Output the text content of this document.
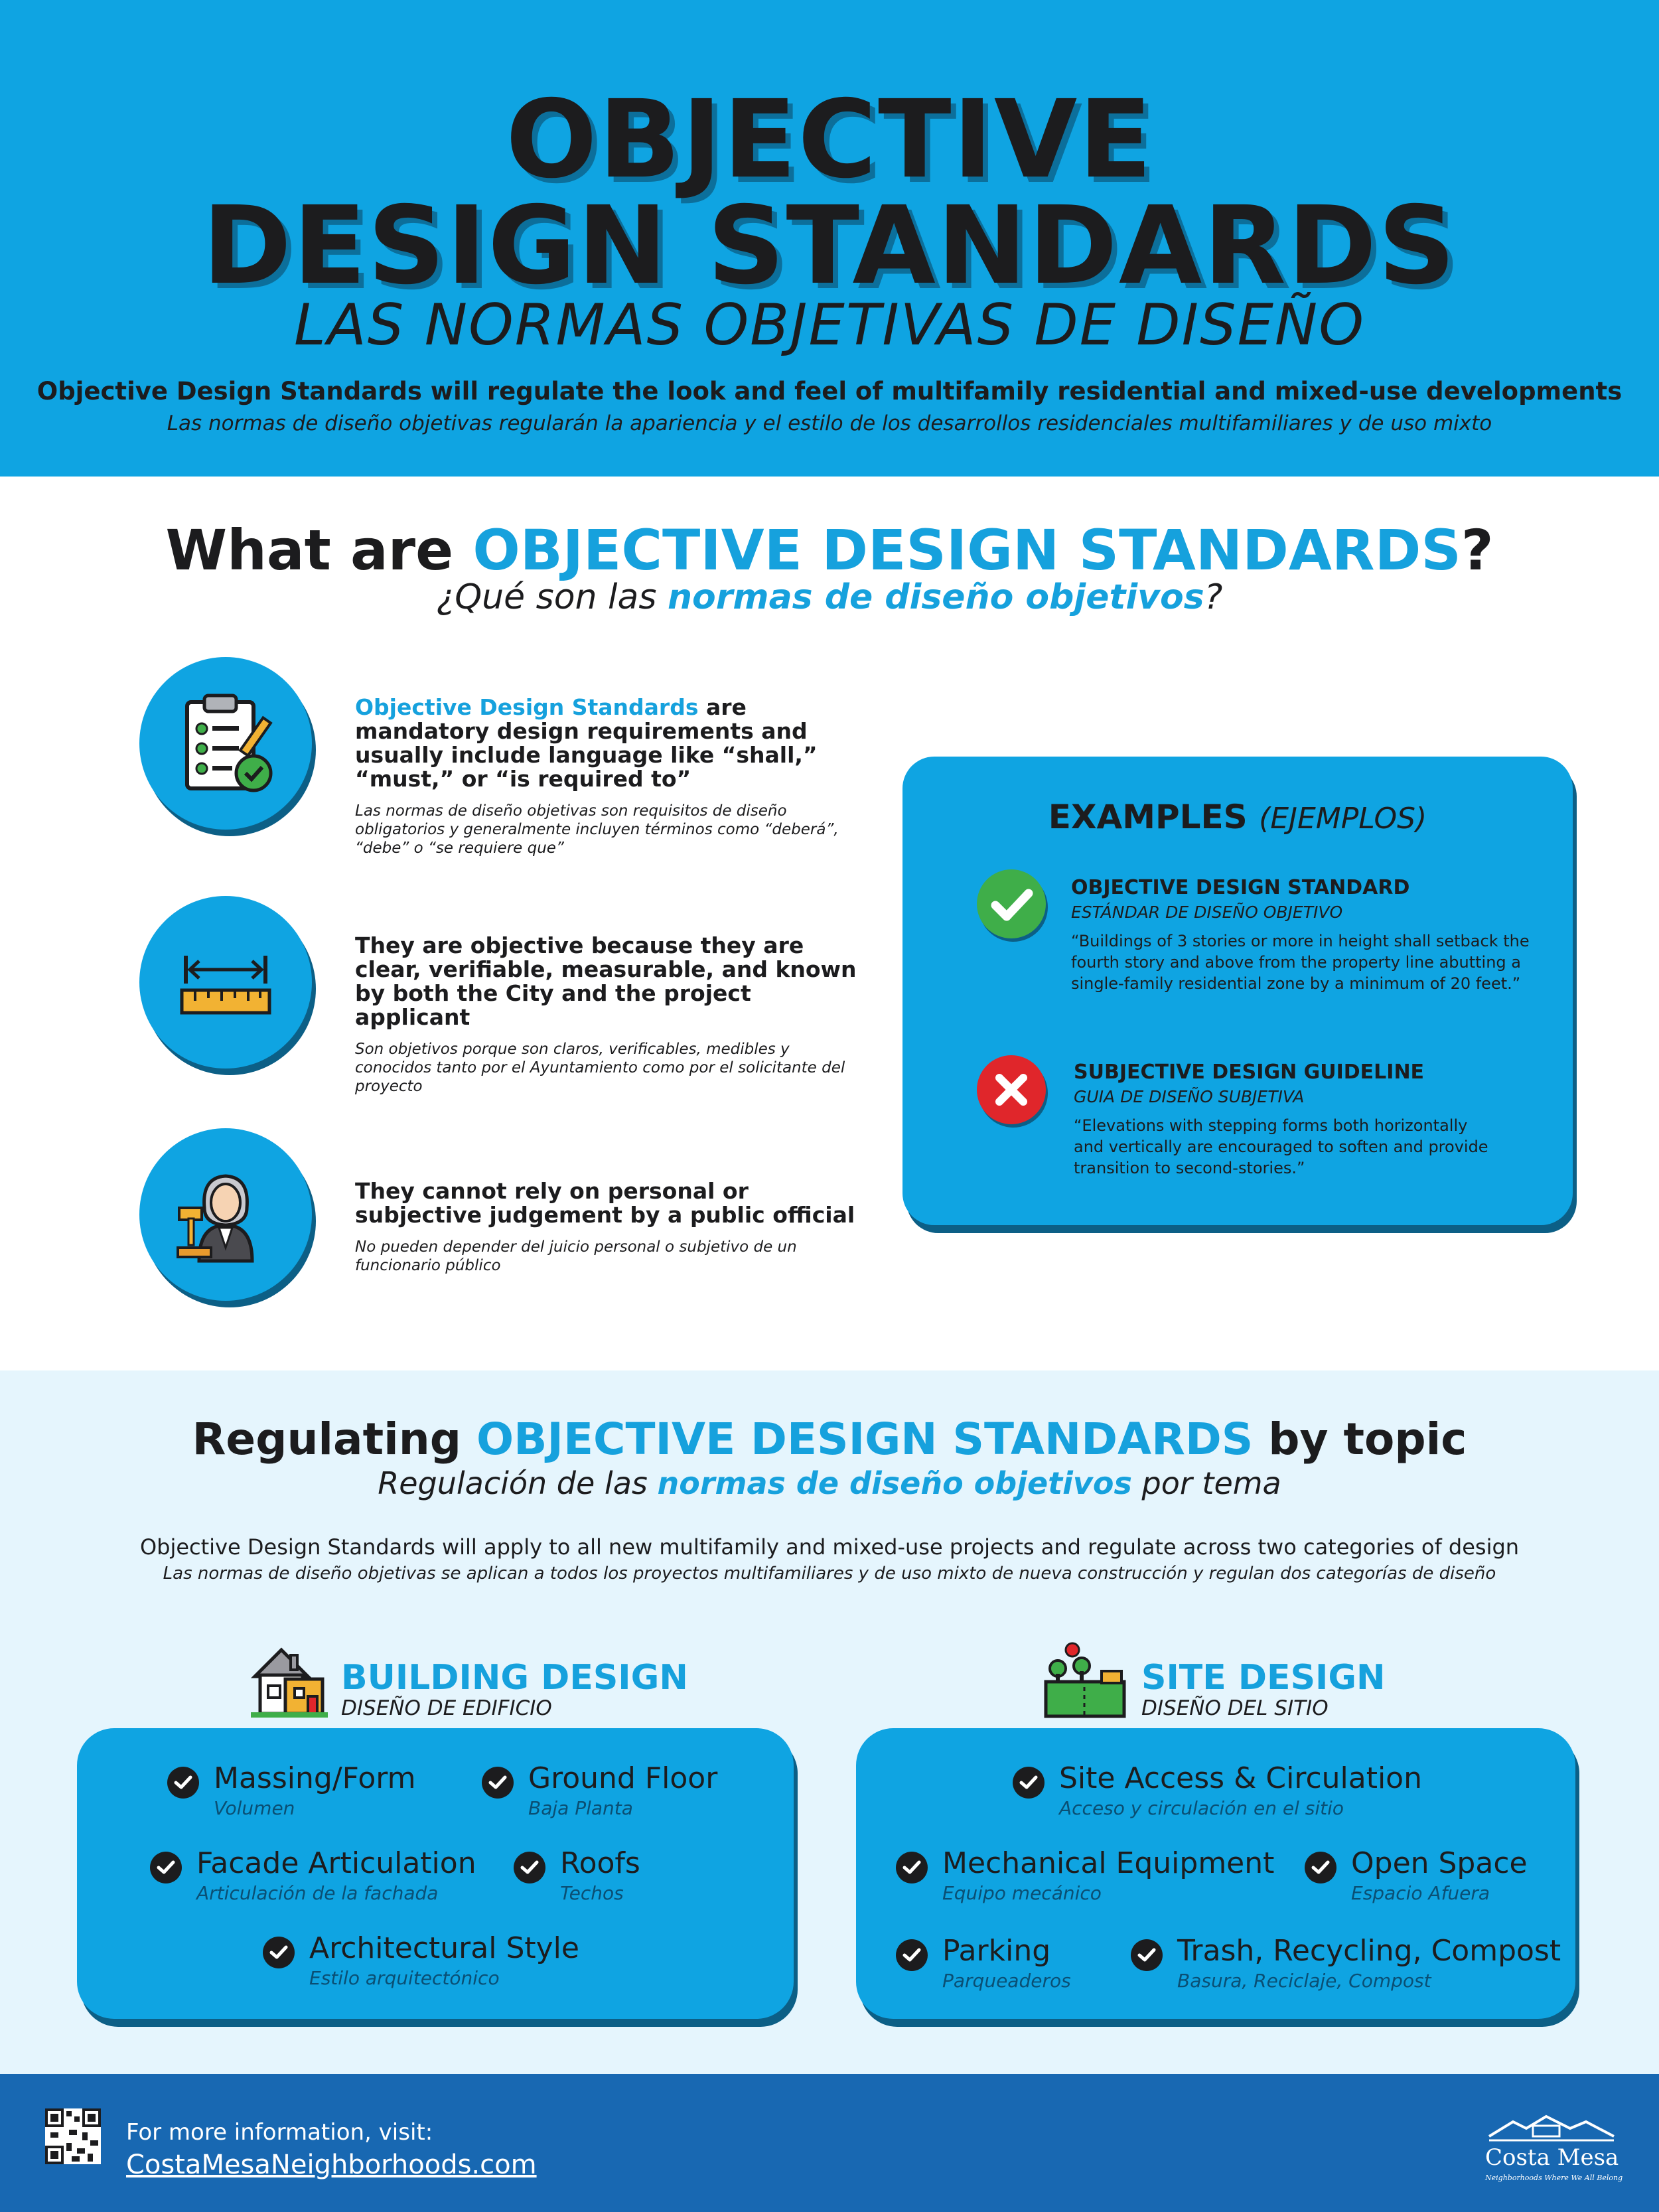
OBJECTIVE
DESIGN STANDARDS
LAS NORMAS OBJETIVAS DE DISEÑO
Objective Design Standards will regulate the look and feel of multifamily residential and mixed-use developments
Las normas de diseño objetivas regularán la apariencia y el estilo de los desarrollos residenciales multifamiliares y de uso mixto
What are OBJECTIVE DESIGN STANDARDS?
¿Qué son las normas de diseño objetivos?
Objective Design Standards are mandatory design requirements and usually include language like “shall,” “must,” or “is required to”
Las normas de diseño objetivas son requisitos de diseño obligatorios y generalmente incluyen términos como “deberá”, “debe” o “se requiere que”
They are objective because they are clear, verifiable, measurable, and known by both the City and the project applicant
Son objetivos porque son claros, verificables, medibles y conocidos tanto por el Ayuntamiento como por el solicitante del proyecto
They cannot rely on personal or subjective judgement by a public official
No pueden depender del juicio personal o subjetivo de un funcionario público
EXAMPLES (EJEMPLOS)
OBJECTIVE DESIGN STANDARD
ESTÁNDAR DE DISEÑO OBJETIVO
“Buildings of 3 stories or more in height shall setback the fourth story and above from the property line abutting a single-family residential zone by a minimum of 20 feet.”
SUBJECTIVE DESIGN GUIDELINE
GUIA DE DISEÑO SUBJETIVA
“Elevations with stepping forms both horizontally and vertically are encouraged to soften and provide transition to second-stories.”
Regulating OBJECTIVE DESIGN STANDARDS by topic
Regulación de las normas de diseño objetivos por tema
Objective Design Standards will apply to all new multifamily and mixed-use projects and regulate across two categories of design
Las normas de diseño objetivas se aplican a todos los proyectos multifamiliares y de uso mixto de nueva construcción y regulan dos categorías de diseño
BUILDING DESIGN
DISEÑO DE EDIFICIO
SITE DESIGN
DISEÑO DEL SITIO
Massing/Form
Volumen
Ground Floor
Baja Planta
Facade Articulation
Articulación de la fachada
Roofs
Techos
Architectural Style
Estilo arquitectónico
Site Access & Circulation
Acceso y circulación en el sitio
Mechanical Equipment
Equipo mecánico
Open Space
Espacio Afuera
Parking
Parqueaderos
Trash, Recycling, Compost
Basura, Reciclaje, Compost
For more information, visit:
CostaMesaNeighborhoods.com	Costa Mesa
Neighborhoods Where We All Belong
